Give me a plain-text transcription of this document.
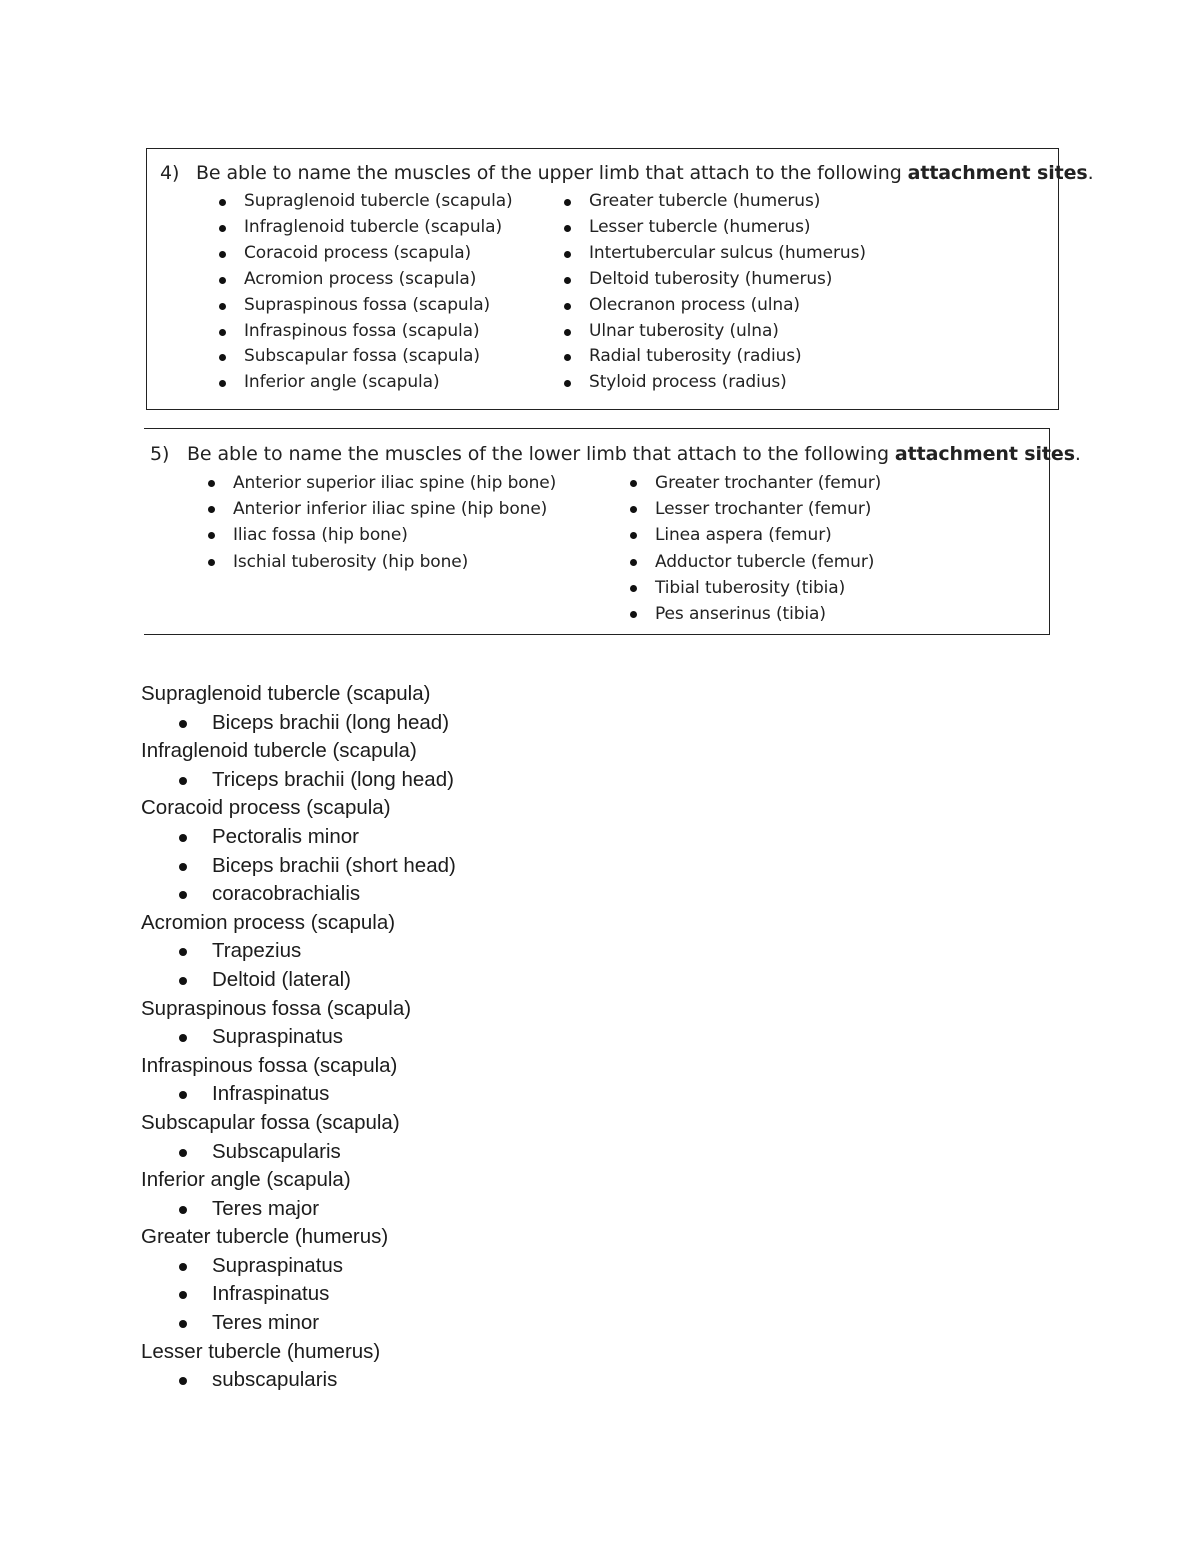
4) Be able to name the muscles of the upper limb that attach to the following attachment sites.
Supraglenoid tubercle (scapula)
Infraglenoid tubercle (scapula)
Coracoid process (scapula)
Acromion process (scapula)
Supraspinous fossa (scapula)
Infraspinous fossa (scapula)
Subscapular fossa (scapula)
Inferior angle (scapula)
Greater tubercle (humerus)
Lesser tubercle (humerus)
Intertubercular sulcus (humerus)
Deltoid tuberosity (humerus)
Olecranon process (ulna)
Ulnar tuberosity (ulna)
Radial tuberosity (radius)
Styloid process (radius)
5) Be able to name the muscles of the lower limb that attach to the following attachment sites.
Anterior superior iliac spine (hip bone)
Anterior inferior iliac spine (hip bone)
Iliac fossa (hip bone)
Ischial tuberosity (hip bone)
Greater trochanter (femur)
Lesser trochanter (femur)
Linea aspera (femur)
Adductor tubercle (femur)
Tibial tuberosity (tibia)
Pes anserinus (tibia)
Supraglenoid tubercle (scapula)
Biceps brachii (long head)
Infraglenoid tubercle (scapula)
Triceps brachii (long head)
Coracoid process (scapula)
Pectoralis minor
Biceps brachii (short head)
coracobrachialis
Acromion process (scapula)
Trapezius
Deltoid (lateral)
Supraspinous fossa (scapula)
Supraspinatus
Infraspinous fossa (scapula)
Infraspinatus
Subscapular fossa (scapula)
Subscapularis
Inferior angle (scapula)
Teres major
Greater tubercle (humerus)
Supraspinatus
Infraspinatus
Teres minor
Lesser tubercle (humerus)
subscapularis
